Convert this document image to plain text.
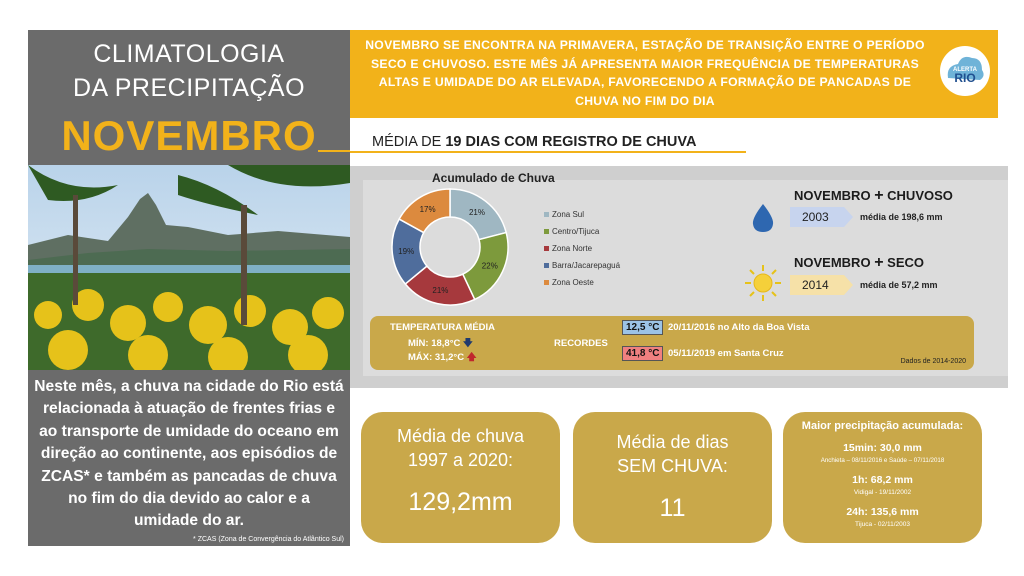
CLIMATOLOGIA
DA PRECIPITAÇÃO
NOVEMBRO
Neste mês, a chuva na cidade do Rio está relacionada à atuação de frentes frias e ao transporte de umidade do oceano em direção ao continente, aos episódios de ZCAS* e também as pancadas de chuva no fim do dia devido ao calor e a umidade do ar.
* ZCAS (Zona de Convergência do Atlântico Sul)
NOVEMBRO SE ENCONTRA NA PRIMAVERA, ESTAÇÃO DE TRANSIÇÃO ENTRE O PERÍODO SECO E CHUVOSO. ESTE MÊS JÁ APRESENTA MAIOR FREQUÊNCIA DE TEMPERATURAS ALTAS E UMIDADE DO AR ELEVADA, FAVORECENDO A FORMAÇÃO DE PANCADAS DE CHUVA NO FIM DO DIA
ALERTA
RIO
MÉDIA DE 19 DIAS COM REGISTRO DE CHUVA
Acumulado de Chuva
21%
22%
21%
19%
17%
Zona Sul
Centro/Tijuca
Zona Norte
Barra/Jacarepaguá
Zona Oeste
NOVEMBRO + CHUVOSO
2003	média de 198,6 mm
NOVEMBRO + SECO
2014	média de 57,2 mm
TEMPERATURA MÉDIA
MÍN: 18,8°C 🡇
MÁX: 31,2°C 🡅
RECORDES
12,5 °C 20/11/2016 no Alto da Boa Vista
41,8 °C 05/11/2019 em Santa Cruz
Dados de 2014-2020
Média de chuva
1997 a 2020:
129,2mm
Média de dias
SEM CHUVA:
11
Maior precipitação acumulada:
15min: 30,0 mm
Anchieta – 08/11/2016 e Saúde – 07/11/2018
1h: 68,2 mm
Vidigal - 19/11/2002
24h: 135,6 mm
Tijuca - 02/11/2003
